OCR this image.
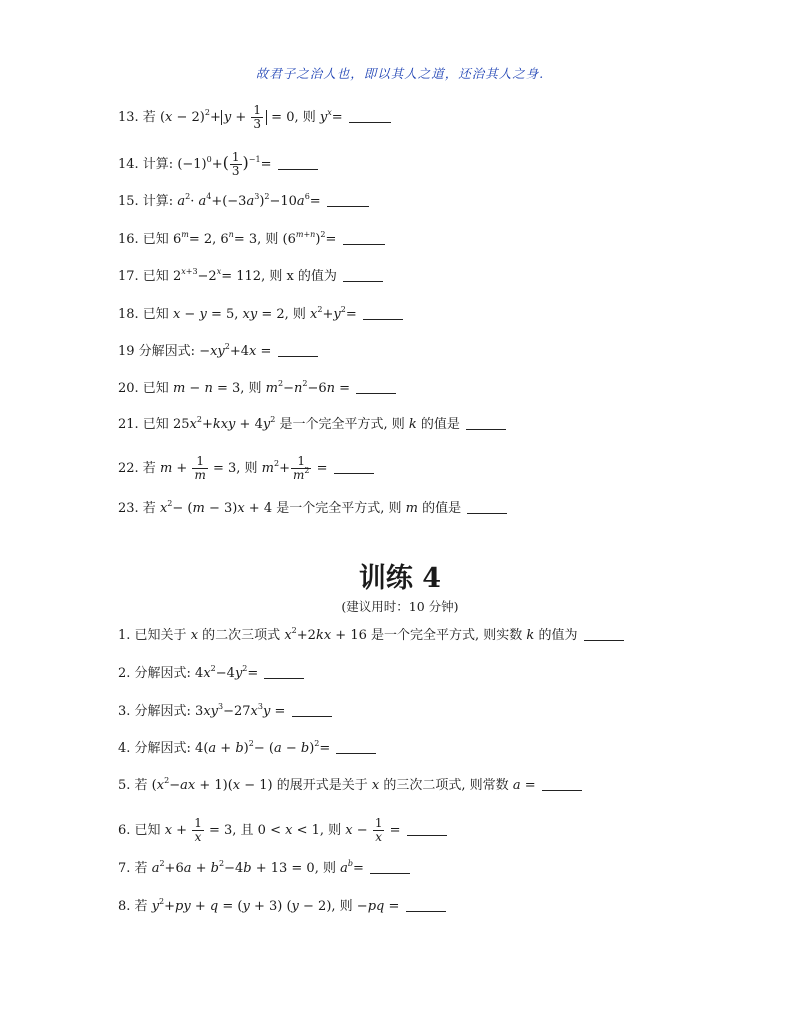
故君子之治人也，即以其人之道，还治其人之身.
13. 若 $(x - 2)^2+ y + \frac{1}{3} = 0$, 则 $y^x=$
14. 计算: $(-1)^0+( \frac{1}{3} )^{-1}=$
15. 计算: $a^2\cdot a^4+(-3a^3)^2-10a^6=$
16. 已知 $6^m= 2$, $6^n= 3$, 则 $(6^{m+n})^2=$
17. 已知 $2^{x+3}-2^x= 112$, 则 x 的值为
18. 已知 x − y = 5, xy = 2, 则 $x^2+y^2=$
19 分解因式: $-xy^2+4x$ =
20. 已知 m − n = 3, 则 $m^2-n^2-6n$ =
21. 已知 $25x^2+kxy + 4y^2$ 是一个完全平方式, 则 k 的值是
22. 若 $m + \frac{1}{m} = 3$, 则 $m^2+ \frac{1}{m^2}$ =
23. 若 $x^2- (m - 3)x + 4$ 是一个完全平方式, 则 m 的值是
训练 4
(建议用时：10 分钟)
1. 已知关于 x 的二次三项式 $x^2+2kx + 16$ 是一个完全平方式, 则实数 k 的值为
2. 分解因式: $4x^2-4y^2=$
3. 分解因式: $3xy^3-27x^3y$ =
4. 分解因式: $4(a + b)^2- (a - b)^2=$
5. 若 $(x^2-ax + 1)(x - 1)$ 的展开式是关于 x 的三次二项式, 则常数 a =
6. 已知 $x + \frac{1}{x} = 3$, 且 0 < x < 1, 则 $x - \frac{1}{x}$ =
7. 若 $a^2+6a + b^2-4b + 13 = 0$, 则 $a^b=$
8. 若 $y^2+py + q = (y + 3) (y - 2)$, 则 −pq =
